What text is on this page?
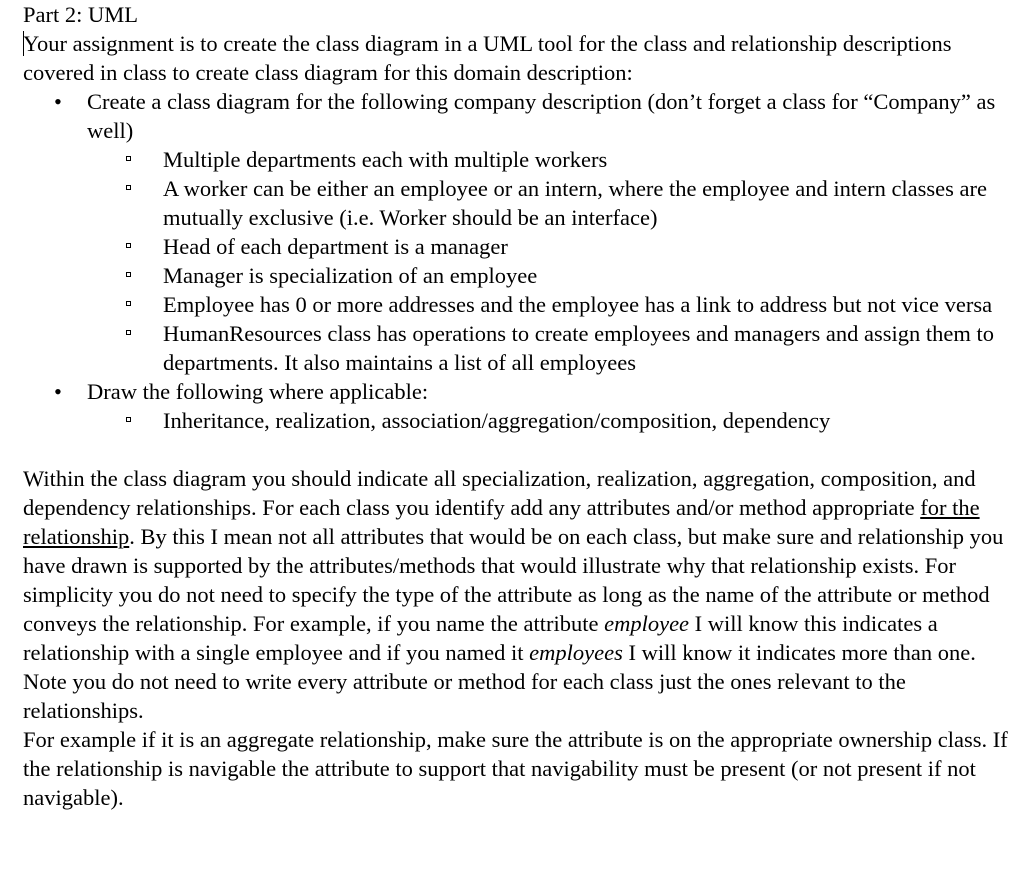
Part 2: UML

Your assignment is to create the class diagram in a UML tool for the class and relationship descriptions covered in class to create class diagram for this domain description:

• Create a class diagram for the following company description (don’t forget a class for “Company” as well)
Multiple departments each with multiple workers
A worker can be either an employee or an intern, where the employee and intern classes are mutually exclusive (i.e. Worker should be an interface)
Head of each department is a manager
Manager is specialization of an employee
Employee has 0 or more addresses and the employee has a link to address but not vice versa
HumanResources class has operations to create employees and managers and assign them to departments. It also maintains a list of all employees
• Draw the following where applicable:
Inheritance, realization, association/aggregation/composition, dependency

Within the class diagram you should indicate all specialization, realization, aggregation, composition, and dependency relationships. For each class you identify add any attributes and/or method appropriate for the relationship. By this I mean not all attributes that would be on each class, but make sure and relationship you have drawn is supported by the attributes/methods that would illustrate why that relationship exists. For simplicity you do not need to specify the type of the attribute as long as the name of the attribute or method conveys the relationship. For example, if you name the attribute employee I will know this indicates a relationship with a single employee and if you named it employees I will know it indicates more than one. Note you do not need to write every attribute or method for each class just the ones relevant to the relationships.

For example if it is an aggregate relationship, make sure the attribute is on the appropriate ownership class. If the relationship is navigable the attribute to support that navigability must be present (or not present if not navigable).
